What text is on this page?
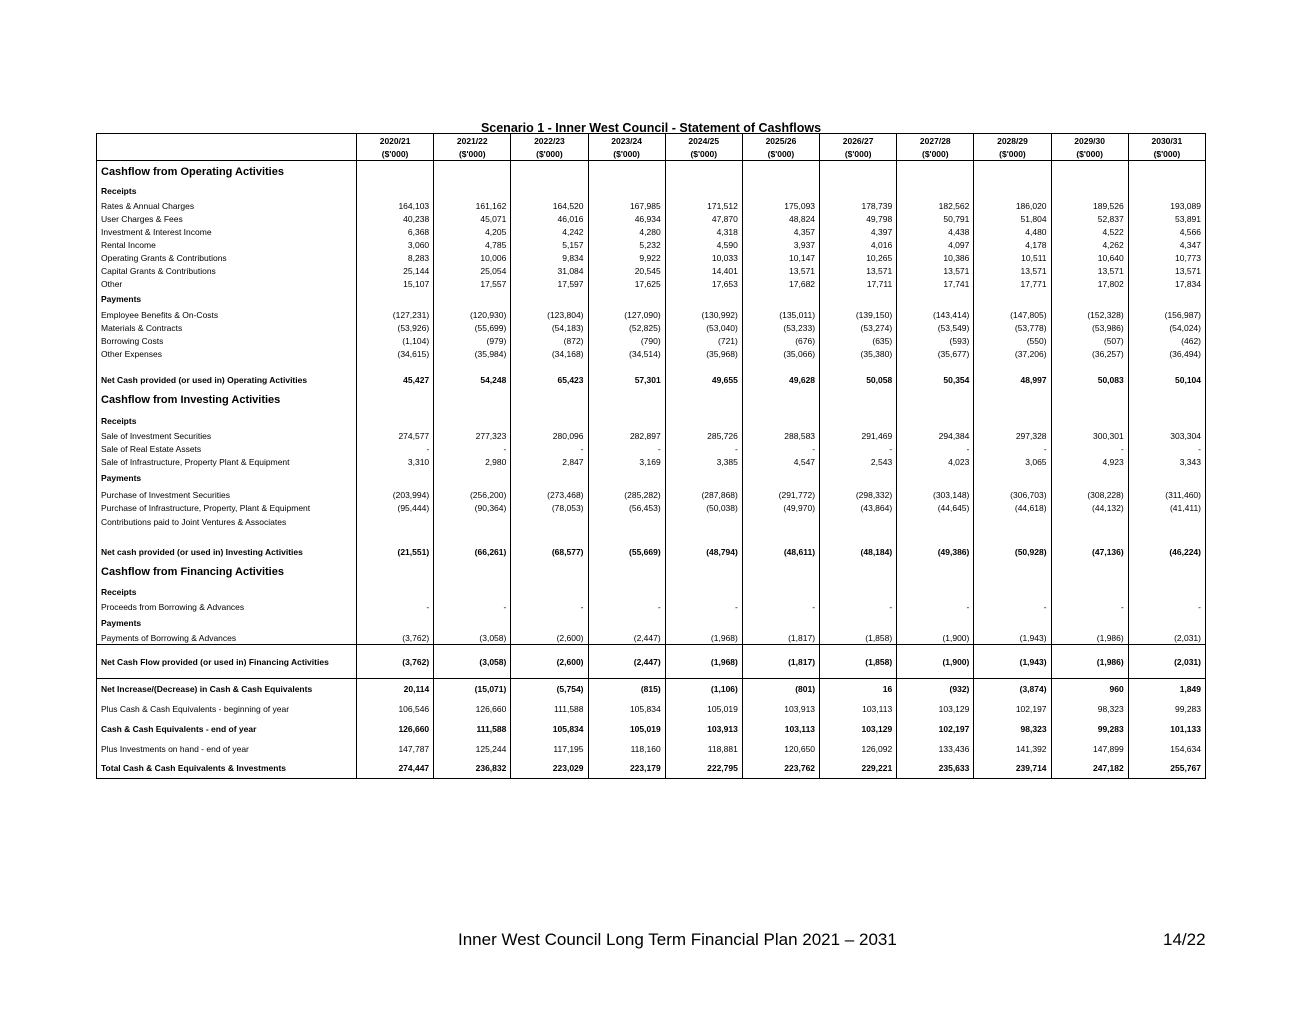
Scenario 1 - Inner West Council - Statement of Cashflows
	2020/21	2021/22	2022/23	2023/24	2024/25	2025/26	2026/27	2027/28	2028/29	2029/30	2030/31
	($'000)	($'000)	($'000)	($'000)	($'000)	($'000)	($'000)	($'000)	($'000)	($'000)	($'000)
Cashflow from Operating Activities											
Receipts											
Rates & Annual Charges	164,103	161,162	164,520	167,985	171,512	175,093	178,739	182,562	186,020	189,526	193,089
User Charges & Fees	40,238	45,071	46,016	46,934	47,870	48,824	49,798	50,791	51,804	52,837	53,891
Investment & Interest Income	6,368	4,205	4,242	4,280	4,318	4,357	4,397	4,438	4,480	4,522	4,566
Rental Income	3,060	4,785	5,157	5,232	4,590	3,937	4,016	4,097	4,178	4,262	4,347
Operating Grants & Contributions	8,283	10,006	9,834	9,922	10,033	10,147	10,265	10,386	10,511	10,640	10,773
Capital Grants & Contributions	25,144	25,054	31,084	20,545	14,401	13,571	13,571	13,571	13,571	13,571	13,571
Other	15,107	17,557	17,597	17,625	17,653	17,682	17,711	17,741	17,771	17,802	17,834
Payments											
Employee Benefits & On-Costs	(127,231)	(120,930)	(123,804)	(127,090)	(130,992)	(135,011)	(139,150)	(143,414)	(147,805)	(152,328)	(156,987)
Materials & Contracts	(53,926)	(55,699)	(54,183)	(52,825)	(53,040)	(53,233)	(53,274)	(53,549)	(53,778)	(53,986)	(54,024)
Borrowing Costs	(1,104)	(979)	(872)	(790)	(721)	(676)	(635)	(593)	(550)	(507)	(462)
Other Expenses	(34,615)	(35,984)	(34,168)	(34,514)	(35,968)	(35,066)	(35,380)	(35,677)	(37,206)	(36,257)	(36,494)

Net Cash provided (or used in) Operating Activities	45,427	54,248	65,423	57,301	49,655	49,628	50,058	50,354	48,997	50,083	50,104
Cashflow from Investing Activities											
Receipts											
Sale of Investment Securities	274,577	277,323	280,096	282,897	285,726	288,583	291,469	294,384	297,328	300,301	303,304
Sale of Real Estate Assets	-	-	-	-	-	-	-	-	-	-	-
Sale of Infrastructure, Property Plant & Equipment	3,310	2,980	2,847	3,169	3,385	4,547	2,543	4,023	3,065	4,923	3,343
Payments											
Purchase of Investment Securities	(203,994)	(256,200)	(273,468)	(285,282)	(287,868)	(291,772)	(298,332)	(303,148)	(306,703)	(308,228)	(311,460)
Purchase of Infrastructure, Property, Plant & Equipment	(95,444)	(90,364)	(78,053)	(56,453)	(50,038)	(49,970)	(43,864)	(44,645)	(44,618)	(44,132)	(41,411)
Contributions paid to Joint Ventures & Associates											

Net cash provided (or used in) Investing Activities	(21,551)	(66,261)	(68,577)	(55,669)	(48,794)	(48,611)	(48,184)	(49,386)	(50,928)	(47,136)	(46,224)
Cashflow from Financing Activities											
Receipts											
Proceeds from Borrowing & Advances	-	-	-	-	-	-	-	-	-	-	-
Payments											
Payments of Borrowing & Advances	(3,762)	(3,058)	(2,600)	(2,447)	(1,968)	(1,817)	(1,858)	(1,900)	(1,943)	(1,986)	(2,031)
Net Cash Flow provided (or used in) Financing Activities	(3,762)	(3,058)	(2,600)	(2,447)	(1,968)	(1,817)	(1,858)	(1,900)	(1,943)	(1,986)	(2,031)
Net Increase/(Decrease) in Cash & Cash Equivalents	20,114	(15,071)	(5,754)	(815)	(1,106)	(801)	16	(932)	(3,874)	960	1,849
Plus Cash & Cash Equivalents - beginning of year	106,546	126,660	111,588	105,834	105,019	103,913	103,113	103,129	102,197	98,323	99,283
Cash & Cash Equivalents - end of year	126,660	111,588	105,834	105,019	103,913	103,113	103,129	102,197	98,323	99,283	101,133
Plus Investments on hand - end of year	147,787	125,244	117,195	118,160	118,881	120,650	126,092	133,436	141,392	147,899	154,634
Total Cash & Cash Equivalents & Investments	274,447	236,832	223,029	223,179	222,795	223,762	229,221	235,633	239,714	247,182	255,767
Inner West Council Long Term Financial Plan 2021 – 2031	14/22
